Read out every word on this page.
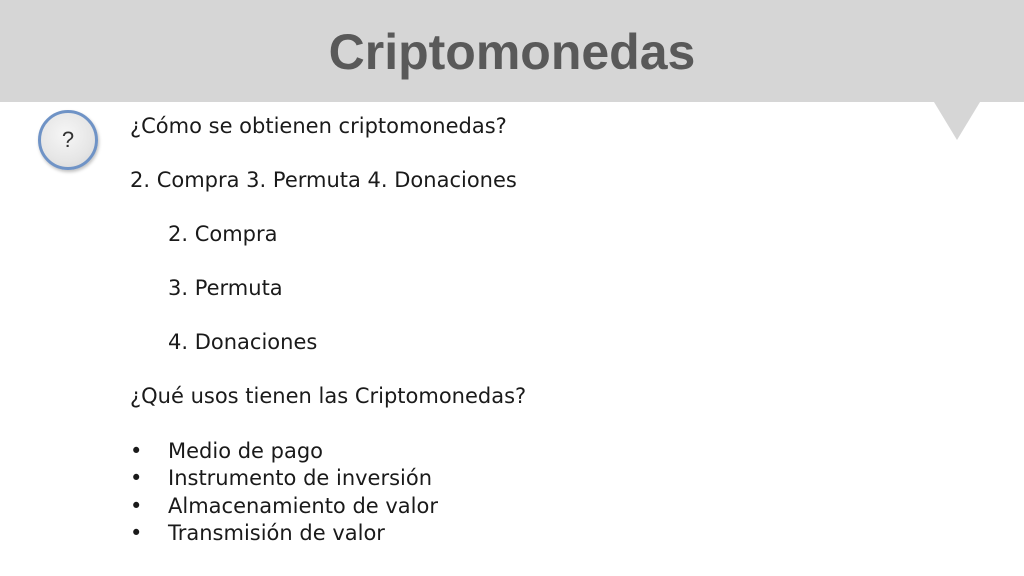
Criptomonedas
?
¿Cómo se obtienen criptomonedas?
2. Compra 3. Permuta 4. Donaciones
2. Compra
3. Permuta
4. Donaciones
¿Qué usos tienen las Criptomonedas?
• Medio de pago
• Instrumento de inversión
• Almacenamiento de valor
• Transmisión de valor
